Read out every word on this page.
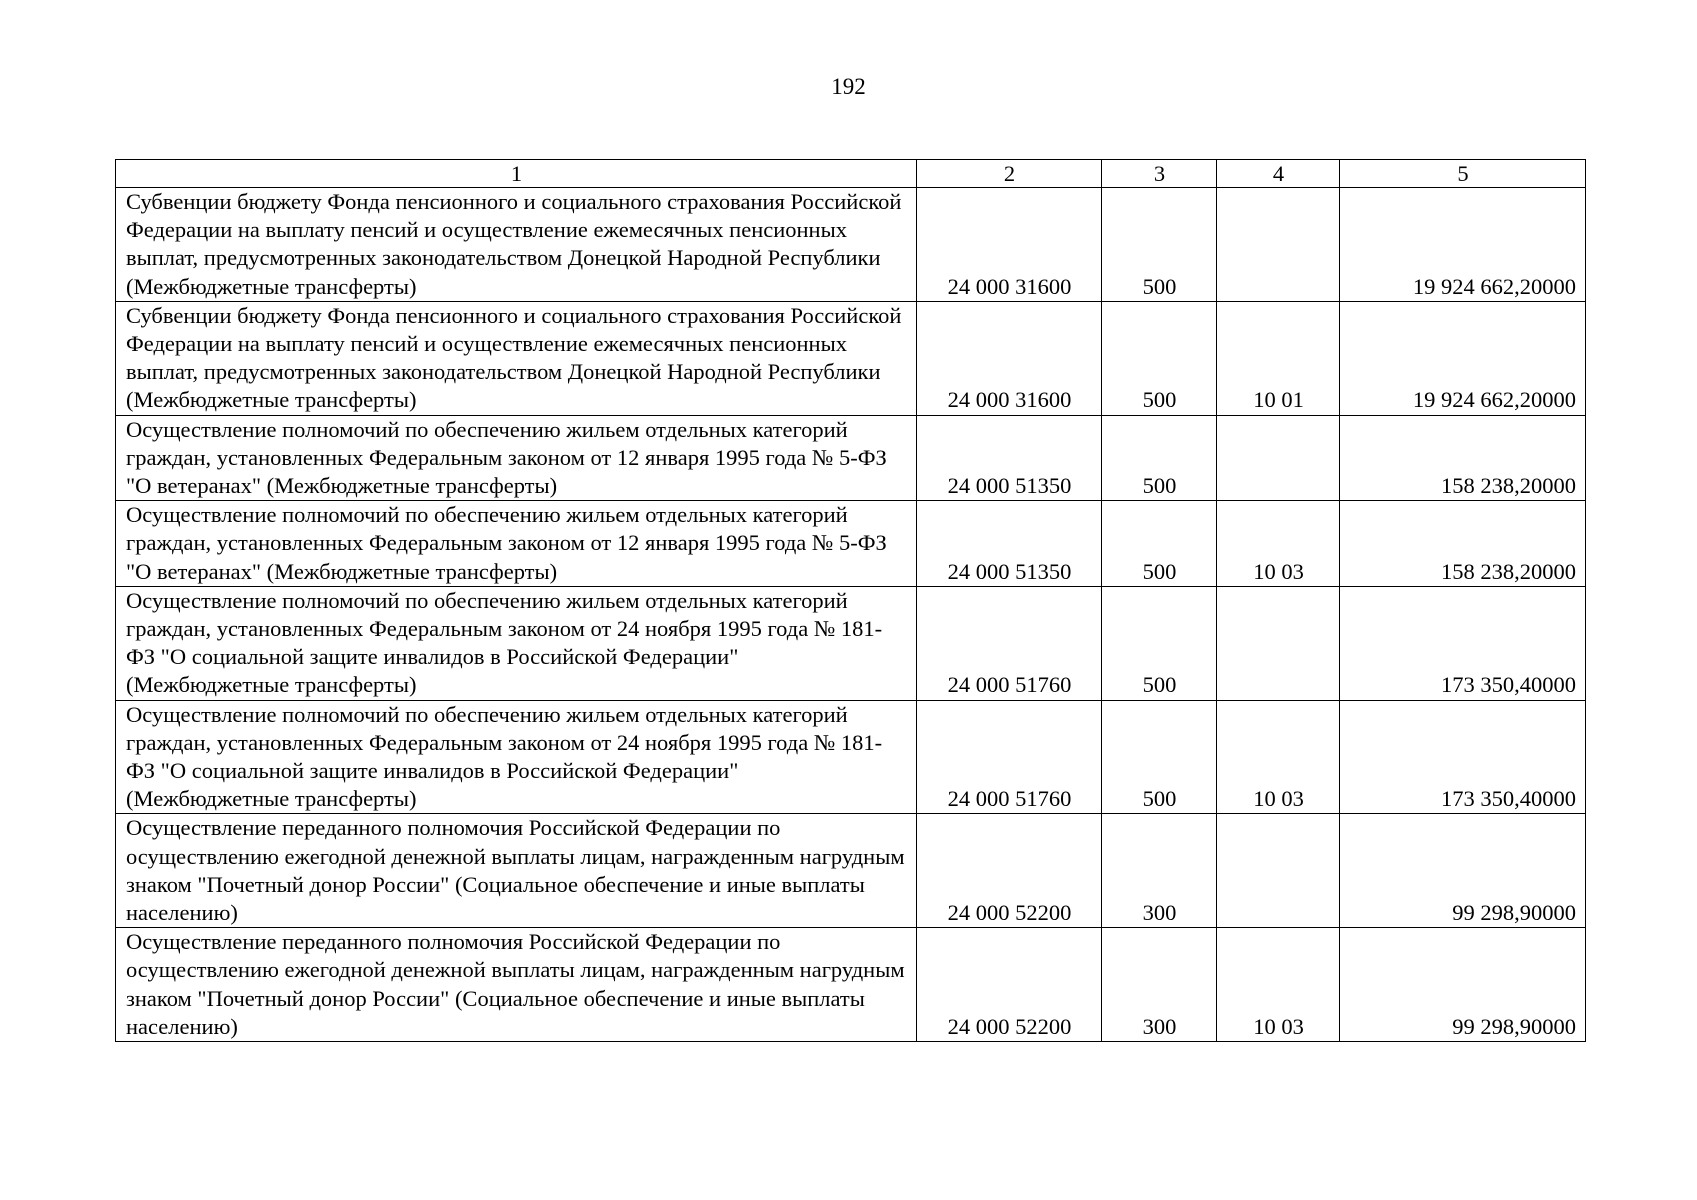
192
1	2	3	4	5
Субвенции бюджету Фонда пенсионного и социального страхования Российской Федерации на выплату пенсий и осуществление ежемесячных пенсионных выплат, предусмотренных законодательством Донецкой Народной Республики (Межбюджетные трансферты)	24 000 31600	500		19 924 662,20000
Субвенции бюджету Фонда пенсионного и социального страхования Российской Федерации на выплату пенсий и осуществление ежемесячных пенсионных выплат, предусмотренных законодательством Донецкой Народной Республики (Межбюджетные трансферты)	24 000 31600	500	10 01	19 924 662,20000
Осуществление полномочий по обеспечению жильем отдельных категорий граждан, установленных Федеральным законом от 12 января 1995 года № 5-ФЗ "О ветеранах" (Межбюджетные трансферты)	24 000 51350	500		158 238,20000
Осуществление полномочий по обеспечению жильем отдельных категорий граждан, установленных Федеральным законом от 12 января 1995 года № 5-ФЗ "О ветеранах" (Межбюджетные трансферты)	24 000 51350	500	10 03	158 238,20000
Осуществление полномочий по обеспечению жильем отдельных категорий граждан, установленных Федеральным законом от 24 ноября 1995 года № 181-ФЗ "О социальной защите инвалидов в Российской Федерации" (Межбюджетные трансферты)	24 000 51760	500		173 350,40000
Осуществление полномочий по обеспечению жильем отдельных категорий граждан, установленных Федеральным законом от 24 ноября 1995 года № 181-ФЗ "О социальной защите инвалидов в Российской Федерации" (Межбюджетные трансферты)	24 000 51760	500	10 03	173 350,40000
Осуществление переданного полномочия Российской Федерации по осуществлению ежегодной денежной выплаты лицам, награжденным нагрудным знаком "Почетный донор России" (Социальное обеспечение и иные выплаты населению)	24 000 52200	300		99 298,90000
Осуществление переданного полномочия Российской Федерации по осуществлению ежегодной денежной выплаты лицам, награжденным нагрудным знаком "Почетный донор России" (Социальное обеспечение и иные выплаты населению)	24 000 52200	300	10 03	99 298,90000
